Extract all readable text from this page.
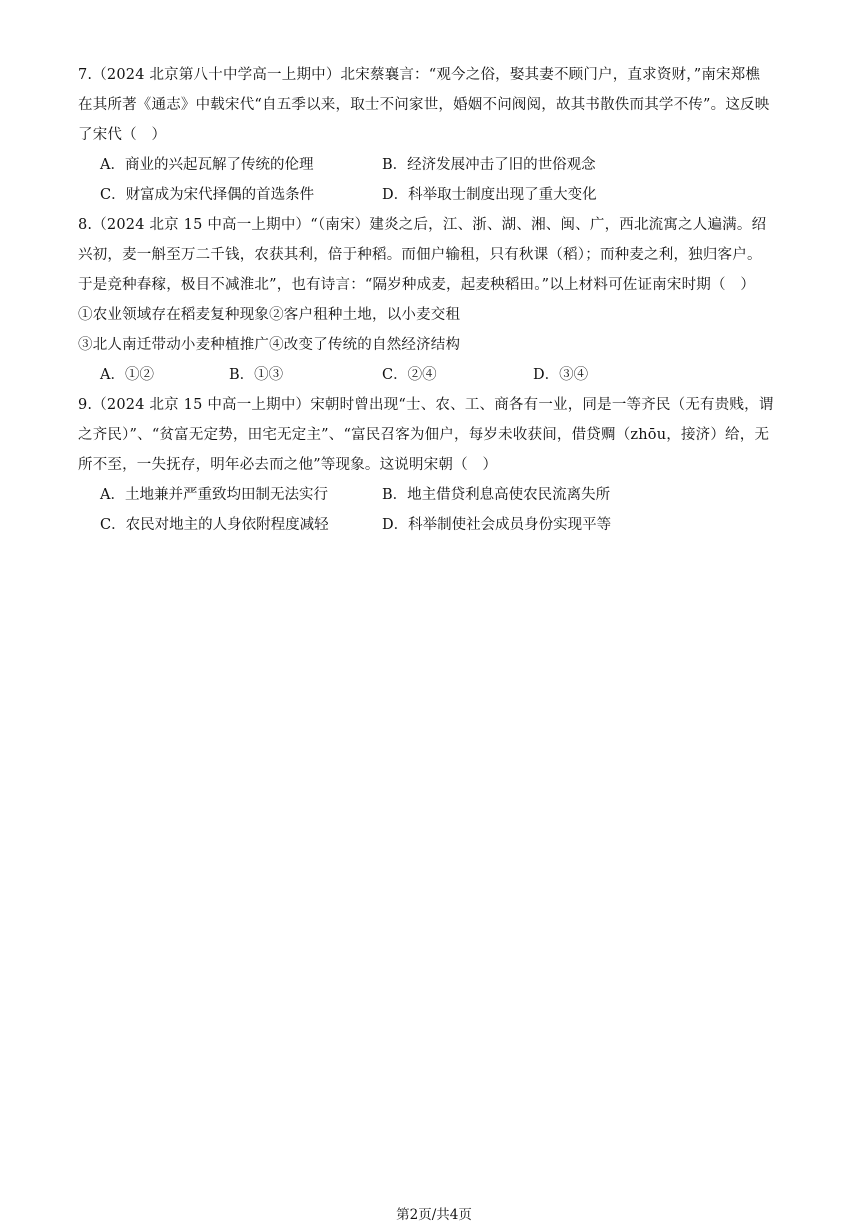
7.（2024 北京第八十中学高一上期中）北宋蔡襄言：“观今之俗，娶其妻不顾门户，直求资财，”南宋郑樵
在其所著《通志》中载宋代“自五季以来，取士不问家世，婚姻不问阀阅，故其书散佚而其学不传”。这反映
了宋代（　）
A．商业的兴起瓦解了传统的伦理	B．经济发展冲击了旧的世俗观念
C．财富成为宋代择偶的首选条件	D．科举取士制度出现了重大变化
8.（2024 北京 15 中高一上期中）“（南宋）建炎之后，江、浙、湖、湘、闽、广，西北流寓之人遍满。绍
兴初，麦一斛至万二千钱，农获其利，倍于种稻。而佃户输租，只有秋课（稻）；而种麦之利，独归客户。
于是竞种春稼，极目不减淮北”，也有诗言：“隔岁种成麦，起麦秧稻田。”以上材料可佐证南宋时期（　）
①农业领域存在稻麦复种现象②客户租种土地，以小麦交租
③北人南迁带动小麦种植推广④改变了传统的自然经济结构
A．①②	B．①③	C．②④	D．③④
9.（2024 北京 15 中高一上期中）宋朝时曾出现“士、农、工、商各有一业，同是一等齐民（无有贵贱，谓
之齐民）”、“贫富无定势，田宅无定主”、“富民召客为佃户，每岁未收获间，借贷赒（zhōu，接济）给，无
所不至，一失抚存，明年必去而之他”等现象。这说明宋朝（　）
A．土地兼并严重致均田制无法实行	B．地主借贷利息高使农民流离失所
C．农民对地主的人身依附程度减轻	D．科举制使社会成员身份实现平等
第2页/共4页
